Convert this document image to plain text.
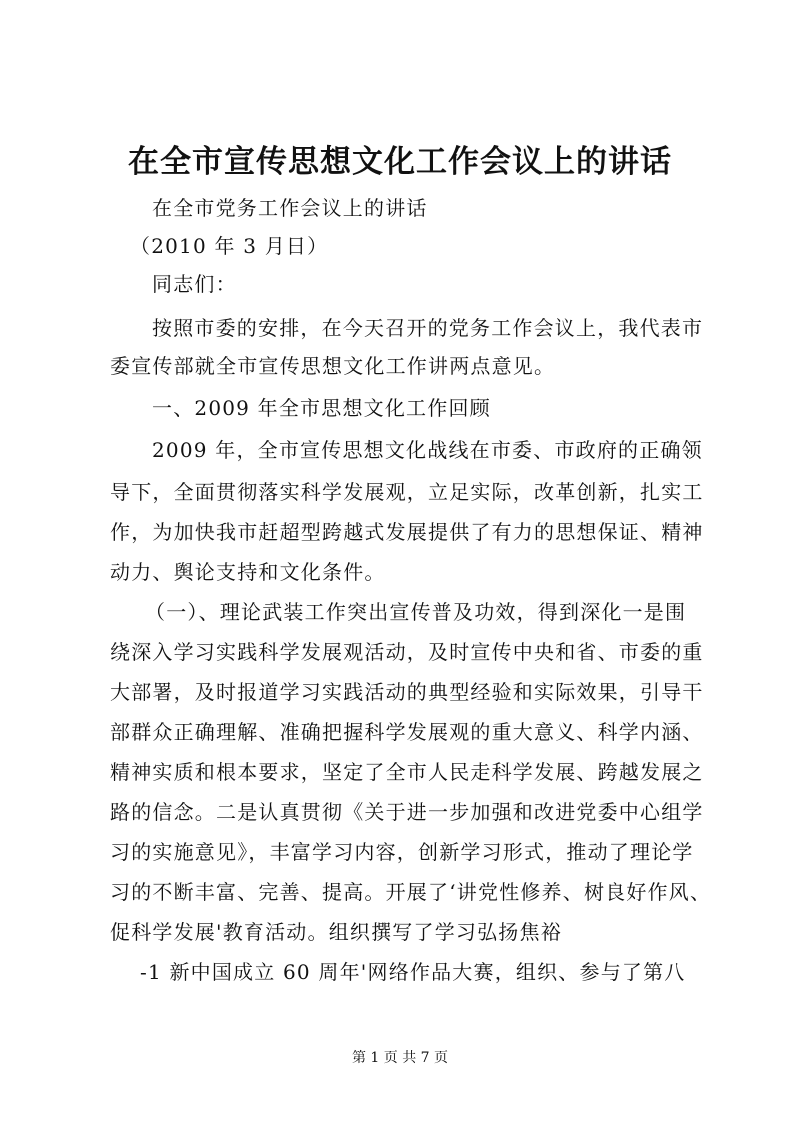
在全市宣传思想文化工作会议上的讲话
在全市党务工作会议上的讲话
（2010 年 3 月日）
同志们：
按照市委的安排，在今天召开的党务工作会议上，我代表市
委宣传部就全市宣传思想文化工作讲两点意见。
一、2009 年全市思想文化工作回顾
2009 年，全市宣传思想文化战线在市委、市政府的正确领
导下，全面贯彻落实科学发展观，立足实际，改革创新，扎实工
作，为加快我市赶超型跨越式发展提供了有力的思想保证、精神
动力、舆论支持和文化条件。
（一）、理论武装工作突出宣传普及功效，得到深化一是围
绕深入学习实践科学发展观活动，及时宣传中央和省、市委的重
大部署，及时报道学习实践活动的典型经验和实际效果，引导干
部群众正确理解、准确把握科学发展观的重大意义、科学内涵、
精神实质和根本要求，坚定了全市人民走科学发展、跨越发展之
路的信念。二是认真贯彻《关于进一步加强和改进党委中心组学
习的实施意见》，丰富学习内容，创新学习形式，推动了理论学
习的不断丰富、完善、提高。开展了‘讲党性修养、树良好作风、
促科学发展'教育活动。组织撰写了学习弘扬焦裕
-1 新中国成立 60 周年'网络作品大赛，组织、参与了第八
第 1 页 共 7 页
